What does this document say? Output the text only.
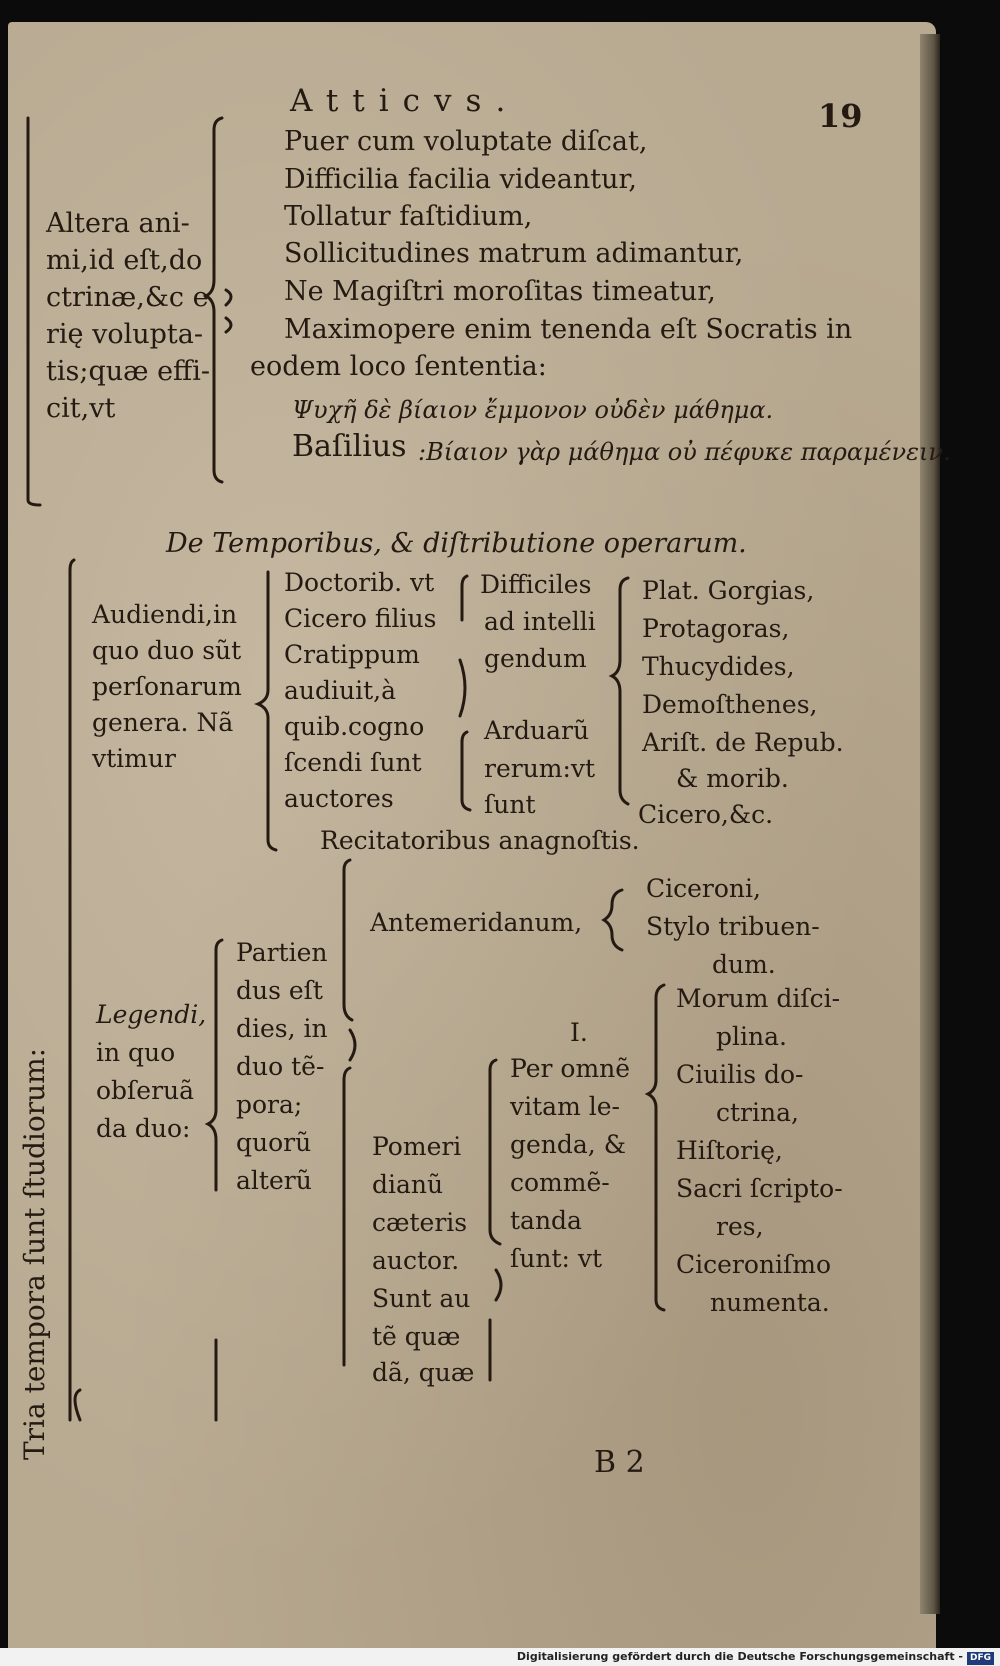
Atticvs.	19
Altera ani-
mi,id eſt,do
ctrinæ,&c e
rię volupta-
tis;quæ effi-
cit,vt
Puer cum voluptate diſcat,
Difficilia facilia videantur,
Tollatur faſtidium,
Sollicitudines matrum adimantur,
Ne Magiſtri moroſitas timeatur,
Maximopere enim tenenda eſt Socratis in
eodem loco ſententia:
Ψυχῆ δὲ βίαιον ἔμμονον οὐδὲν μάθημα.
Baſilius :Βίαιον γὰρ μάθημα οὐ πέφυκε παραμένειν.
De Temporibus, & diſtributione operarum.
Audiendi,in
quo duo sũt
perſonarum
genera. Nã
vtimur
Doctorib. vt
Cicero filius
Cratippum
audiuit,à
quib.cogno
ſcendi ſunt
auctores
Difficiles
ad intelli
gendum
Arduarũ
rerum:vt
ſunt
Plat. Gorgias,
Protagoras,
Thucydides,
Demoſthenes,
Ariſt. de Repub.
& morib.
Cicero,&c.
Recitatoribus anagnoſtis.
Legendi,
in quo
obſeruã
da duo:
Partien
dus eſt
dies, in
duo tẽ-
pora;
quorũ
alterũ
Antemeridanum,
Ciceroni,
Stylo tribuen-
dum.
I.
Pomeri
dianũ
cæteris
auctor.
Sunt au
tẽ quæ
dã, quæ
Per omnẽ
vitam le-
genda, &
commẽ-
tanda
ſunt: vt
Morum diſci-
plina.
Ciuilis do-
ctrina,
Hiſtorię,
Sacri ſcripto-
res,
Ciceroniſmo
numenta.
Tria tempora ſunt ſtudiorum:
B 2
Digitalisierung gefördert durch die Deutsche Forschungsgemeinschaft - DFG
